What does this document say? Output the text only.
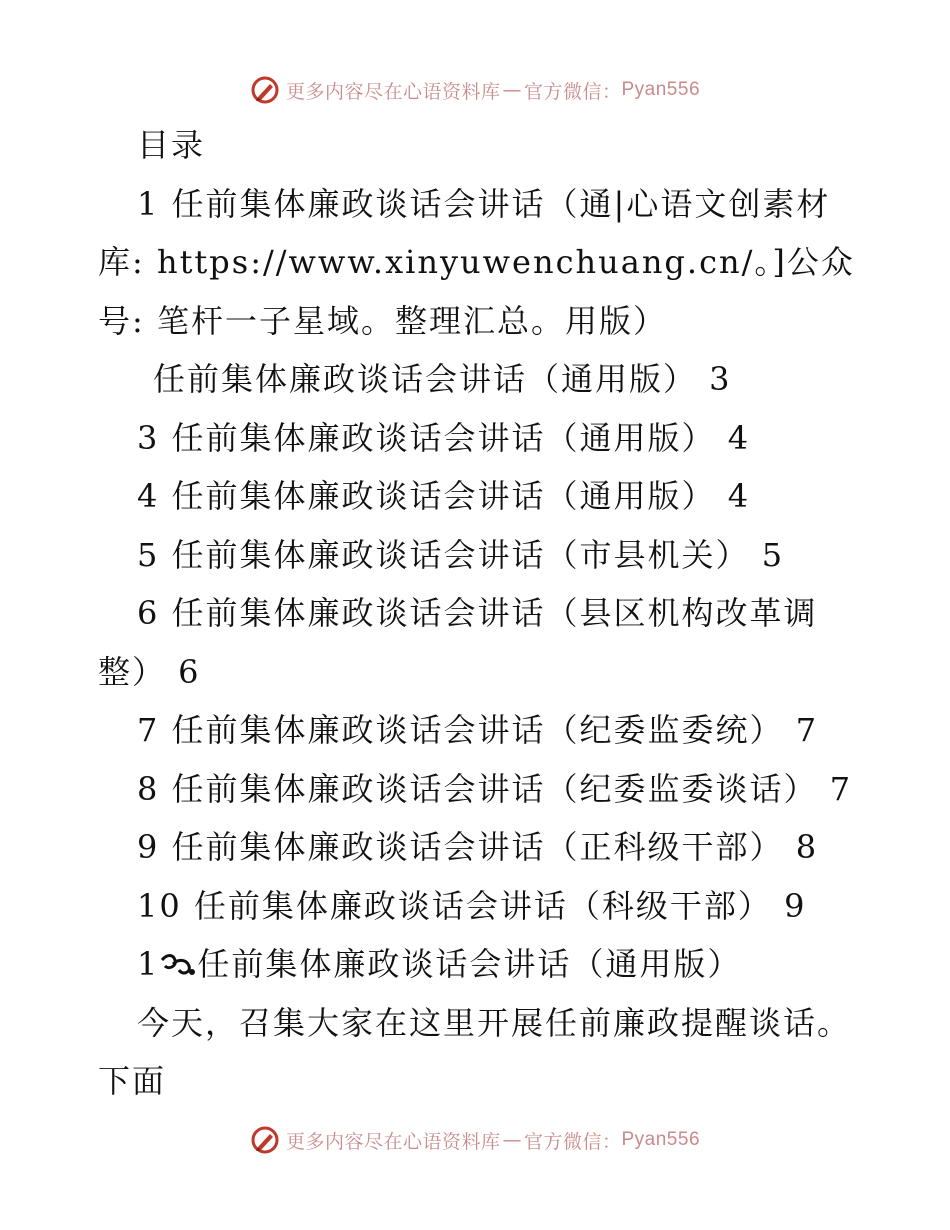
更多内容尽在心语资料库 — 官方微信： Pyan556
目录
1 任前集体廉政谈话会讲话（通|心语文创素材
库: https://www.xinyuwenchuang.cn/。]公众
号: 笔杆一子星域。整理汇总。用版）
任前集体廉政谈话会讲话（通用版） 3
3 任前集体廉政谈话会讲话（通用版） 4
4 任前集体廉政谈话会讲话（通用版） 4
5 任前集体廉政谈话会讲话（市县机关） 5
6 任前集体廉政谈话会讲话（县区机构改革调
整） 6
7 任前集体廉政谈话会讲话（纪委监委统） 7
8 任前集体廉政谈话会讲话（纪委监委谈话） 7
9 任前集体廉政谈话会讲话（正科级干部） 8
10 任前集体廉政谈话会讲话（科级干部） 9
1 任前集体廉政谈话会讲话（通用版）
今天，召集大家在这里开展任前廉政提醒谈话。
下面
更多内容尽在心语资料库 — 官方微信： Pyan556
